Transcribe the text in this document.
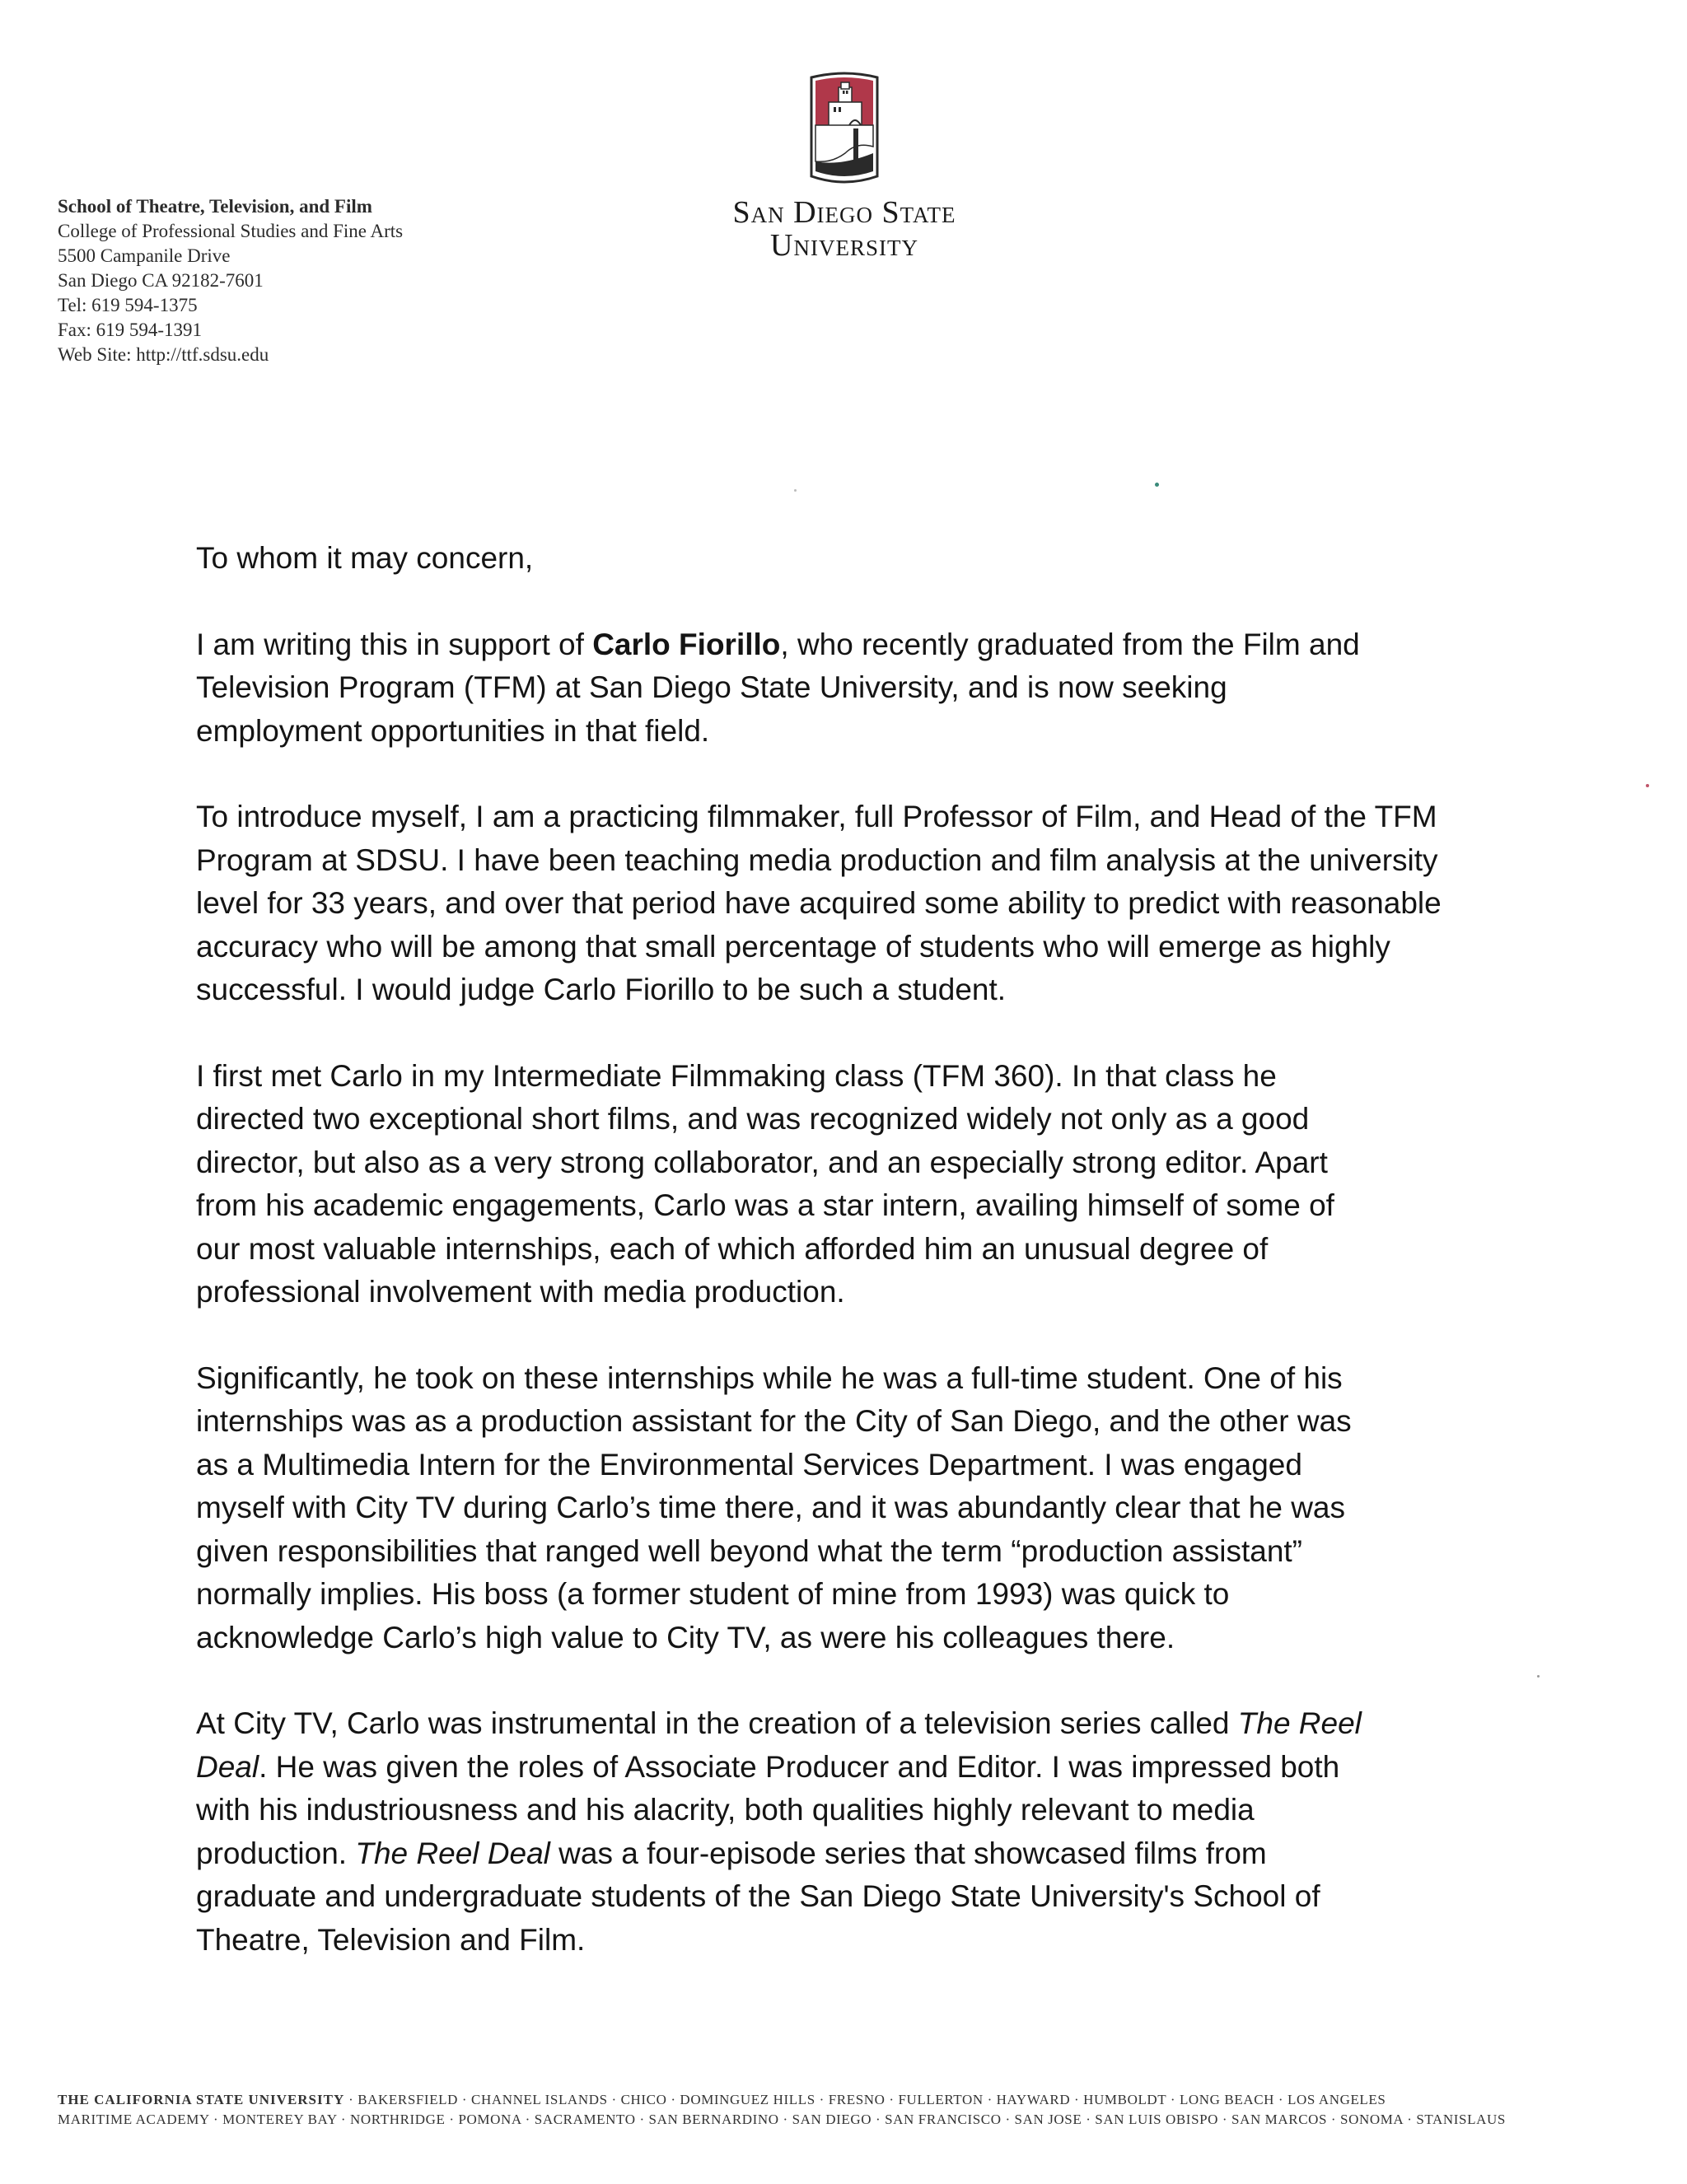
School of Theatre, Television, and Film
College of Professional Studies and Fine Arts
5500 Campanile Drive
San Diego CA 92182-7601
Tel: 619 594-1375
Fax: 619 594-1391
Web Site: http://ttf.sdsu.edu
San Diego State
University

To whom it may concern,

I am writing this in support of Carlo Fiorillo, who recently graduated from the Film and
Television Program (TFM) at San Diego State University, and is now seeking
employment opportunities in that field.

To introduce myself, I am a practicing filmmaker, full Professor of Film, and Head of the TFM
Program at SDSU. I have been teaching media production and film analysis at the university
level for 33 years, and over that period have acquired some ability to predict with reasonable
accuracy who will be among that small percentage of students who will emerge as highly
successful. I would judge Carlo Fiorillo to be such a student.

I first met Carlo in my Intermediate Filmmaking class (TFM 360). In that class he
directed two exceptional short films, and was recognized widely not only as a good
director, but also as a very strong collaborator, and an especially strong editor. Apart
from his academic engagements, Carlo was a star intern, availing himself of some of
our most valuable internships, each of which afforded him an unusual degree of
professional involvement with media production.

Significantly, he took on these internships while he was a full-time student. One of his
internships was as a production assistant for the City of San Diego, and the other was
as a Multimedia Intern for the Environmental Services Department. I was engaged
myself with City TV during Carlo’s time there, and it was abundantly clear that he was
given responsibilities that ranged well beyond what the term “production assistant”
normally implies. His boss (a former student of mine from 1993) was quick to
acknowledge Carlo’s high value to City TV, as were his colleagues there.

At City TV, Carlo was instrumental in the creation of a television series called The Reel
Deal. He was given the roles of Associate Producer and Editor. I was impressed both
with his industriousness and his alacrity, both qualities highly relevant to media
production. The Reel Deal was a four-episode series that showcased films from
graduate and undergraduate students of the San Diego State University's School of
Theatre, Television and Film.

THE CALIFORNIA STATE UNIVERSITY · BAKERSFIELD · CHANNEL ISLANDS · CHICO · DOMINGUEZ HILLS · FRESNO · FULLERTON · HAYWARD · HUMBOLDT · LONG BEACH · LOS ANGELES
MARITIME ACADEMY · MONTEREY BAY · NORTHRIDGE · POMONA · SACRAMENTO · SAN BERNARDINO · SAN DIEGO · SAN FRANCISCO · SAN JOSE · SAN LUIS OBISPO · SAN MARCOS · SONOMA · STANISLAUS
